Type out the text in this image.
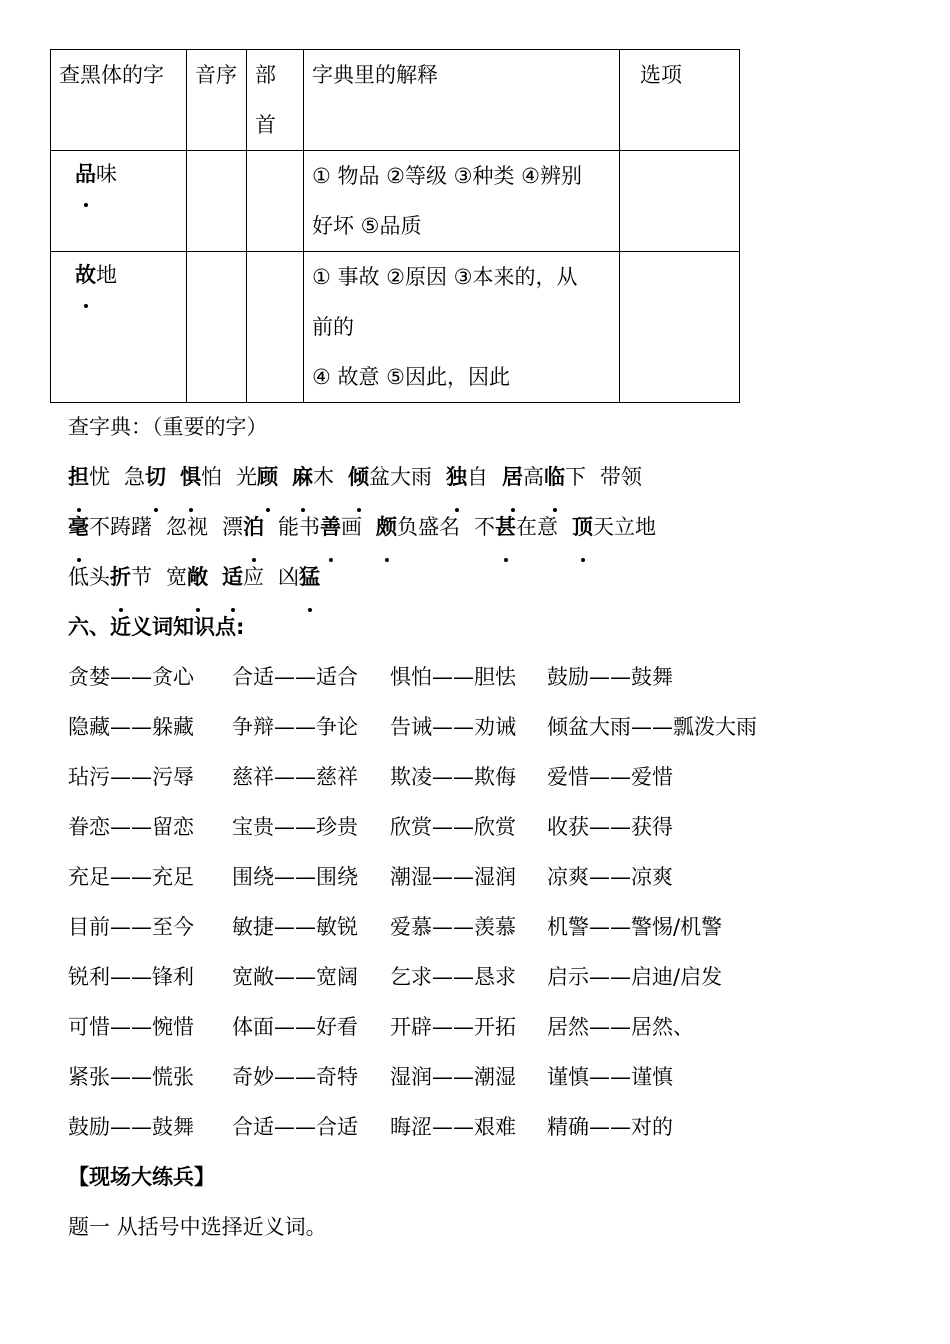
查黑体的字	音序	部首	字典里的解释	选项
品味			① 物品 ②等级 ③种类 ④辨别
好坏 ⑤品质	

故地			① 事故 ②原因 ③本来的，从
前的
④ 故意 ⑤因此，因此	

查字典：（重要的字）
担忧 急切 惧怕 光顾 麻木 倾盆大雨 独自 居高临下 带领
毫不踌躇 忽视 漂泊 能书善画 颇负盛名 不甚在意 顶天立地
低头折节 宽敞 适应 凶猛
六、近义词知识点:
贪婪——贪心 合适——适合 惧怕——胆怯 鼓励——鼓舞
隐藏——躲藏 争辩——争论 告诫——劝诫 倾盆大雨——瓢泼大雨
玷污——污辱 慈祥——慈祥 欺凌——欺侮 爱惜——爱惜
眷恋——留恋 宝贵——珍贵 欣赏——欣赏 收获——获得
充足——充足 围绕——围绕 潮湿——湿润 凉爽——凉爽
目前——至今 敏捷——敏锐 爱慕——羡慕 机警——警惕/机警
锐利——锋利 宽敞——宽阔 乞求——恳求 启示——启迪/启发
可惜——惋惜 体面——好看 开辟——开拓 居然——居然、
紧张——慌张 奇妙——奇特 湿润——潮湿 谨慎——谨慎
鼓励——鼓舞 合适——合适 晦涩——艰难 精确——对的
【现场大练兵】
题一 从括号中选择近义词。
